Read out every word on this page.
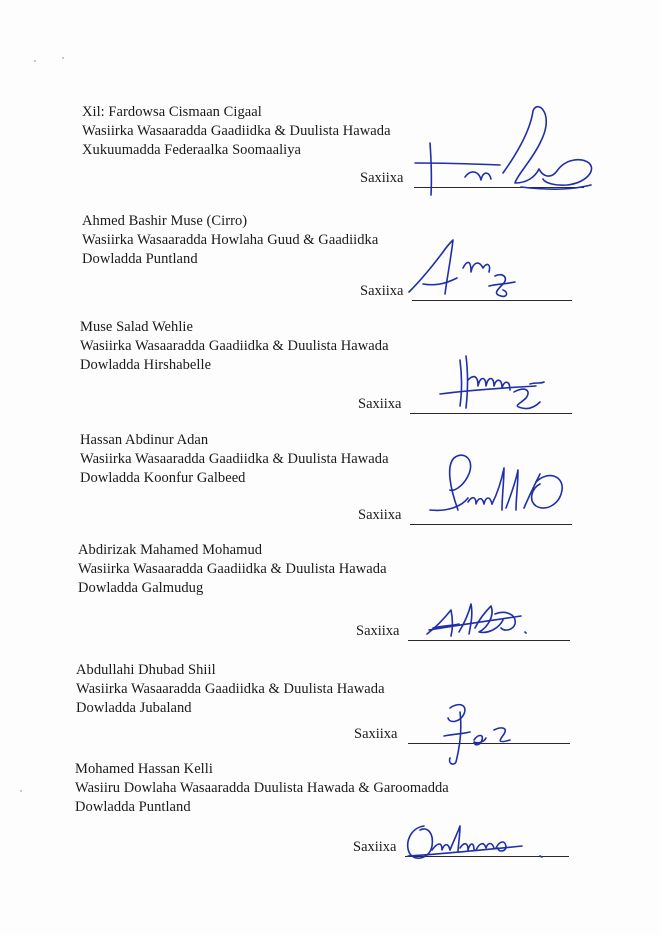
Xil: Fardowsa Cismaan Cigaal
Wasiirka Wasaaradda Gaadiidka & Duulista Hawada
Xukuumadda Federaalka Soomaaliya
Saxiixa
Ahmed Bashir Muse (Cirro)
Wasiirka Wasaaradda Howlaha Guud & Gaadiidka
Dowladda Puntland
Saxiixa
Muse Salad Wehlie
Wasiirka Wasaaradda Gaadiidka & Duulista Hawada
Dowladda Hirshabelle
Saxiixa
Hassan Abdinur Adan
Wasiirka Wasaaradda Gaadiidka & Duulista Hawada
Dowladda Koonfur Galbeed
Saxiixa
Abdirizak Mahamed Mohamud
Wasiirka Wasaaradda Gaadiidka & Duulista Hawada
Dowladda Galmudug
Saxiixa
Abdullahi Dhubad Shiil
Wasiirka Wasaaradda Gaadiidka & Duulista Hawada
Dowladda Jubaland
Saxiixa
Mohamed Hassan Kelli
Wasiiru Dowlaha Wasaaradda Duulista Hawada & Garoomadda
Dowladda Puntland
Saxiixa
